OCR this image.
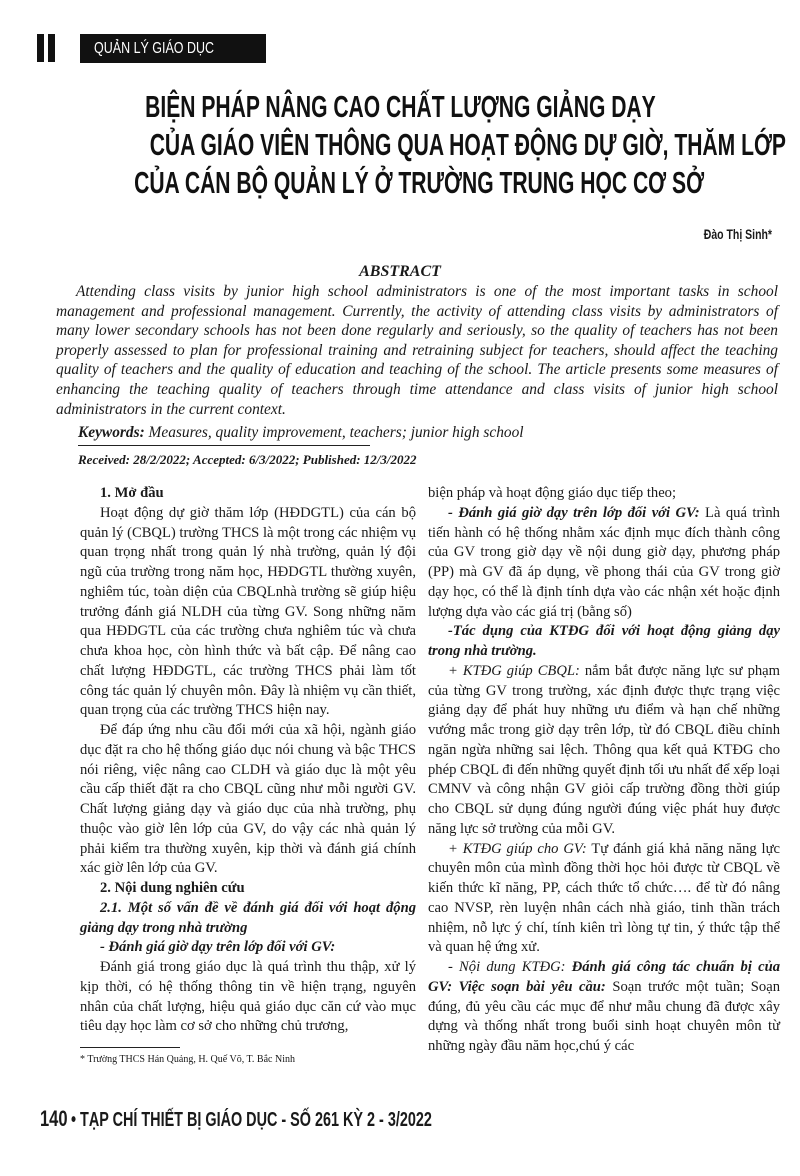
QUẢN LÝ GIÁO DỤC
BIỆN PHÁP NÂNG CAO CHẤT LƯỢNG GIẢNG DẠY
CỦA GIÁO VIÊN THÔNG QUA HOẠT ĐỘNG DỰ GIỜ, THĂM LỚP
CỦA CÁN BỘ QUẢN LÝ Ở TRƯỜNG TRUNG HỌC CƠ SỞ
Đào Thị Sinh*
ABSTRACT

Attending class visits by junior high school administrators is one of the most important tasks in school management and professional management. Currently, the activity of attending class visits by administrators of many lower secondary schools has not been done regularly and seriously, so the quality of teachers has not been properly assessed to plan for professional training and retraining subject for teachers, should affect the teaching quality of teachers and the quality of education and teaching of the school. The article presents some measures of enhancing the teaching quality of teachers through time attendance and class visits of junior high school administrators in the current context.

Keywords: Measures, quality improvement, teachers; junior high school
Received: 28/2/2022; Accepted: 6/3/2022; Published: 12/3/2022

1. Mở đầu

Hoạt động dự giờ thăm lớp (HĐDGTL) của cán bộ quản lý (CBQL) trường THCS là một trong các nhiệm vụ quan trọng nhất trong quản lý nhà trường, quản lý đội ngũ của trường trong năm học, HĐDGTL thường xuyên, nghiêm túc, toàn diện của CBQLnhà trường sẽ giúp hiệu trưởng đánh giá NLDH của từng GV. Song những năm qua HĐDGTL của các trường chưa nghiêm túc và chưa chưa khoa học, còn hình thức và bất cập. Để nâng cao chất lượng HĐDGTL, các trường THCS phải làm tốt công tác quản lý chuyên môn. Đây là nhiệm vụ cần thiết, quan trọng của các trường THCS hiện nay.

Để đáp ứng nhu cầu đổi mới của xã hội, ngành giáo dục đặt ra cho hệ thống giáo dục nói chung và bậc THCS nói riêng, việc nâng cao CLDH và giáo dục là một yêu cầu cấp thiết đặt ra cho CBQL cũng như mỗi người GV. Chất lượng giảng dạy và giáo dục của nhà trường, phụ thuộc vào giờ lên lớp của GV, do vậy các nhà quản lý phải kiểm tra thường xuyên, kịp thời và đánh giá chính xác giờ lên lớp của GV.

2. Nội dung nghiên cứu

2.1. Một số vấn đề về đánh giá đối với hoạt động giảng dạy trong nhà trường

- Đánh giá giờ dạy trên lớp đối với GV:

Đánh giá trong giáo dục là quá trình thu thập, xử lý kịp thời, có hệ thống thông tin về hiện trạng, nguyên nhân của chất lượng, hiệu quả giáo dục căn cứ vào mục tiêu dạy học làm cơ sở cho những chủ trương,

* Trường THCS Hán Quảng, H. Quế Võ, T. Bắc Ninh

biện pháp và hoạt động giáo dục tiếp theo;

- Đánh giá giờ dạy trên lớp đối với GV: Là quá trình tiến hành có hệ thống nhằm xác định mục đích thành công của GV trong giờ dạy về nội dung giờ dạy, phương pháp (PP) mà GV đã áp dụng, về phong thái của GV trong giờ dạy học, có thể là định tính dựa vào các nhận xét hoặc định lượng dựa vào các giá trị (bằng số)

-Tác dụng của KTĐG đối với hoạt động giảng dạy trong nhà trường.

+ KTĐG giúp CBQL: nắm bắt được năng lực sư phạm của từng GV trong trường, xác định được thực trạng việc giảng dạy để phát huy những ưu điểm và hạn chế những vướng mắc trong giờ dạy trên lớp, từ đó CBQL điều chỉnh ngăn ngừa những sai lệch. Thông qua kết quả KTĐG cho phép CBQL đi đến những quyết định tối ưu nhất để xếp loại CMNV và công nhận GV giỏi cấp trường đồng thời giúp cho CBQL sử dụng đúng người đúng việc phát huy được năng lực sở trường của mỗi GV.

+ KTĐG giúp cho GV: Tự đánh giá khả năng năng lực chuyên môn của mình đồng thời học hỏi được từ CBQL về kiến thức kĩ năng, PP, cách thức tổ chức…. để từ đó nâng cao NVSP, rèn luyện nhân cách nhà giáo, tinh thần trách nhiệm, nỗ lực ý chí, tính kiên trì lòng tự tin, ý thức tập thể và quan hệ ứng xử.

- Nội dung KTĐG: Đánh giá công tác chuẩn bị của GV: Việc soạn bài yêu cầu: Soạn trước một tuần; Soạn đúng, đủ yêu cầu các mục để như mẫu chung đã được xây dựng và thống nhất trong buổi sinh hoạt chuyên môn từ những ngày đầu năm học,chú ý các

140• TẠP CHÍ THIẾT BỊ GIÁO DỤC - SỐ 261 KỲ 2 - 3/2022
